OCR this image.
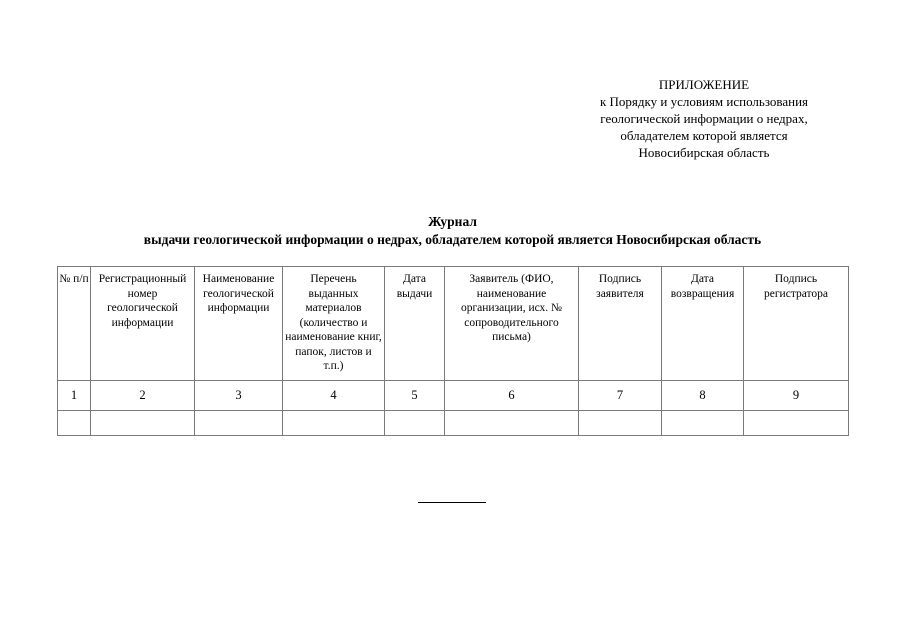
ПРИЛОЖЕНИЕ
к Порядку и условиям использования
геологической информации о недрах,
обладателем которой является
Новосибирская область
Журнал
выдачи геологической информации о недрах, обладателем которой является Новосибирская область
№ п/п	Регистрационный номер геологической информации	Наименование геологической информации	Перечень выданных материалов (количество и наименование книг, папок, листов и т.п.)	Дата выдачи	Заявитель (ФИО, наименование организации, исх. № сопроводительного письма)	Подпись заявителя	Дата возвращения	Подпись регистратора
1	2	3	4	5	6	7	8	9
